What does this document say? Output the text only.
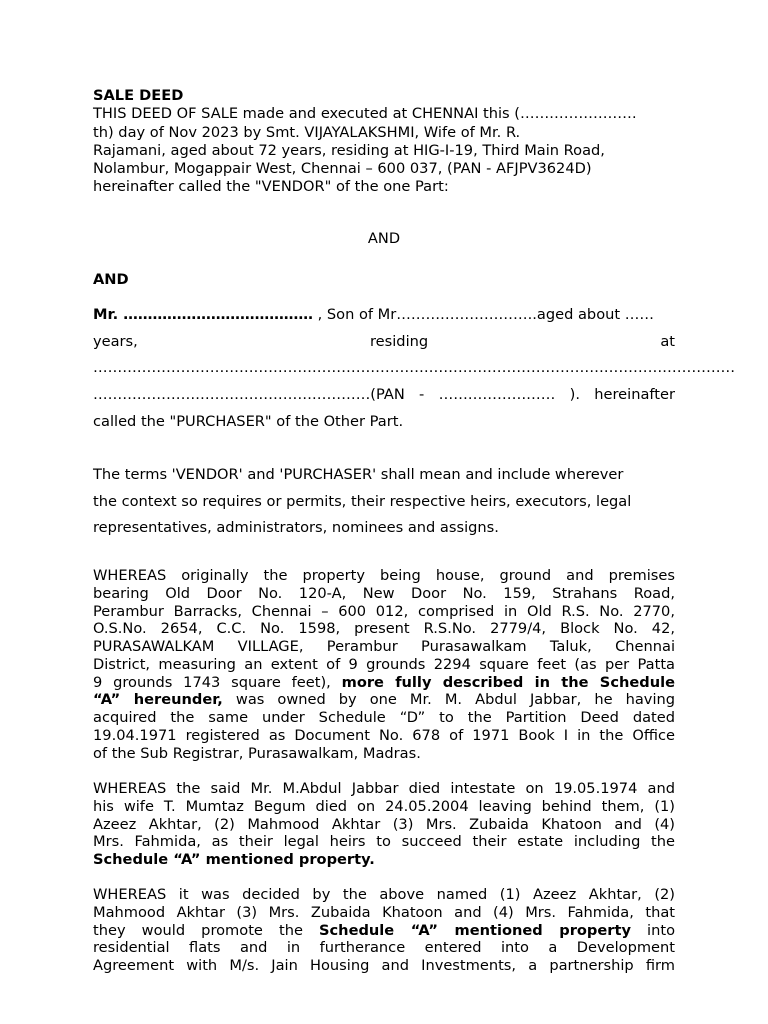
SALE DEED
THIS DEED OF SALE made and executed at CHENNAI this (……………………
th) day of Nov 2023 by Smt. VIJAYALAKSHMI, Wife of Mr. R.
Rajamani, aged about 72 years, residing at HIG-I-19, Third Main Road,
Nolambur, Mogappair West, Chennai – 600 037, (PAN - AFJPV3624D)
hereinafter called the "VENDOR" of the one Part:
AND
AND
Mr. ………………………………… , Son of Mr………………………..aged about ……
years,	residing	at
……………………………………………………………………………………………………………………
…………………………………………………(PAN - …………………… ). hereinafter
called the "PURCHASER" of the Other Part.
The terms 'VENDOR' and 'PURCHASER' shall mean and include wherever
the context so requires or permits, their respective heirs, executors, legal
representatives, administrators, nominees and assigns.
WHEREAS originally the property being house, ground and premises
bearing Old Door No. 120-A, New Door No. 159, Strahans Road,
Perambur Barracks, Chennai – 600 012, comprised in Old R.S. No. 2770,
O.S.No. 2654, C.C. No. 1598, present R.S.No. 2779/4, Block No. 42,
PURASAWALKAM VILLAGE, Perambur Purasawalkam Taluk, Chennai
District, measuring an extent of 9 grounds 2294 square feet (as per Patta
9 grounds 1743 square feet), more fully described in the Schedule
“A” hereunder, was owned by one Mr. M. Abdul Jabbar, he having
acquired the same under Schedule “D” to the Partition Deed dated
19.04.1971 registered as Document No. 678 of 1971 Book I in the Office
of the Sub Registrar, Purasawalkam, Madras.
WHEREAS the said Mr. M.Abdul Jabbar died intestate on 19.05.1974 and
his wife T. Mumtaz Begum died on 24.05.2004 leaving behind them, (1)
Azeez Akhtar, (2) Mahmood Akhtar (3) Mrs. Zubaida Khatoon and (4)
Mrs. Fahmida, as their legal heirs to succeed their estate including the
Schedule “A” mentioned property.
WHEREAS it was decided by the above named (1) Azeez Akhtar, (2)
Mahmood Akhtar (3) Mrs. Zubaida Khatoon and (4) Mrs. Fahmida, that
they would promote the Schedule “A” mentioned property into
residential flats and in furtherance entered into a Development
Agreement with M/s. Jain Housing and Investments, a partnership firm
